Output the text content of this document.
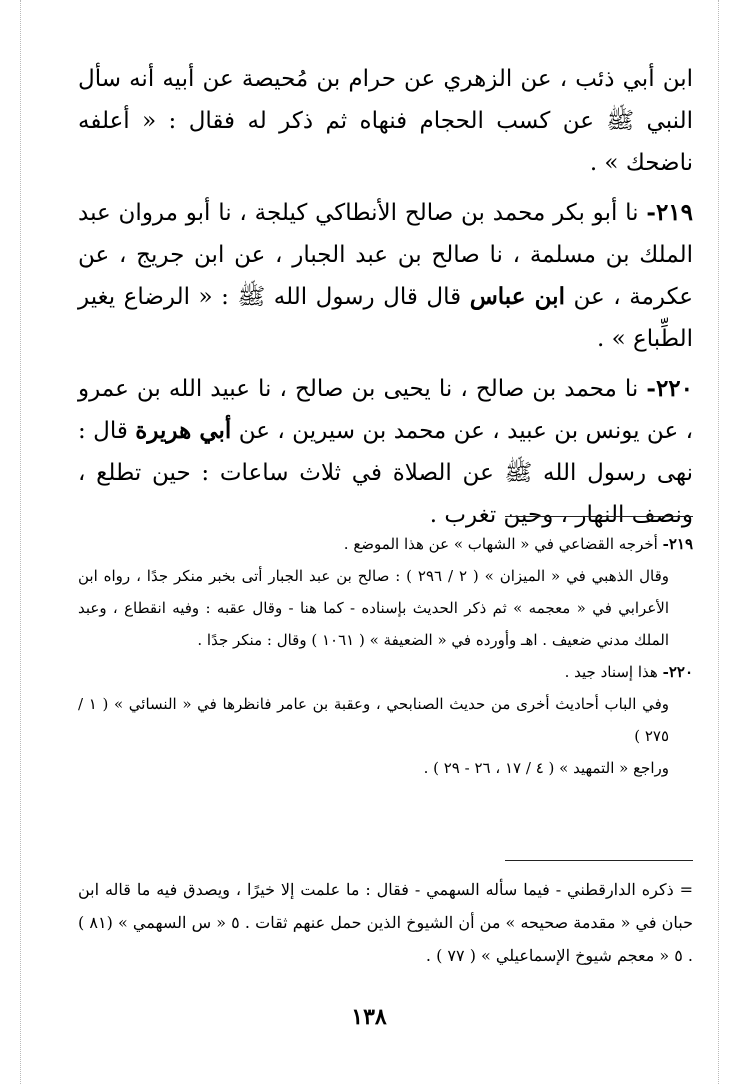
ابن أبي ذئب ، عن الزهري عن حرام بن مُحيصة عن أبيه أنه سأل النبي ﷺ عن كسب الحجام فنهاه ثم ذكر له فقال : « أعلفه ناضحك » .

٢١٩- نا أبو بكر محمد بن صالح الأنطاكي كيلجة ، نا أبو مروان عبد الملك بن مسلمة ، نا صالح بن عبد الجبار ، عن ابن جريج ، عن عكرمة ، عن ابن عباس قال قال رسول الله ﷺ : « الرضاع يغير الطِّباع » .

٢٢٠- نا محمد بن صالح ، نا يحيى بن صالح ، نا عبيد الله بن عمرو ، عن يونس بن عبيد ، عن محمد بن سيرين ، عن أبي هريرة قال : نهى رسول الله ﷺ عن الصلاة في ثلاث ساعات : حين تطلع ، ونصف النهار ، وحين تغرب .

٢١٩- أخرجه القضاعي في « الشهاب » عن هذا الموضع .

وقال الذهبي في « الميزان » ( ٢ / ٢٩٦ ) : صالح بن عبد الجبار أتى بخبر منكر جدًا ، رواه ابن الأعرابي في « معجمه » ثم ذكر الحديث بإسناده - كما هنا - وقال عقبه : وفيه انقطاع ، وعبد الملك مدني ضعيف . اهـ وأورده في « الضعيفة » ( ١٠٦١ ) وقال : منكر جدًا .

٢٢٠- هذا إسناد جيد .

وفي الباب أحاديث أخرى من حديث الصنابحي ، وعقبة بن عامر فانظرها في « النسائي » ( ١ / ٢٧٥ )

وراجع « التمهيد » ( ٤ / ١٧ ، ٢٦ - ٢٩ ) .

= ذكره الدارقطني - فيما سأله السهمي - فقال : ما علمت إلا خيرًا ، ويصدق فيه ما قاله ابن حبان في « مقدمة صحيحه » من أن الشيوخ الذين حمل عنهم ثقات . ٥ « س السهمي » (٨١ ) . ٥ « معجم شيوخ الإسماعيلي » ( ٧٧ ) .

١٣٨
